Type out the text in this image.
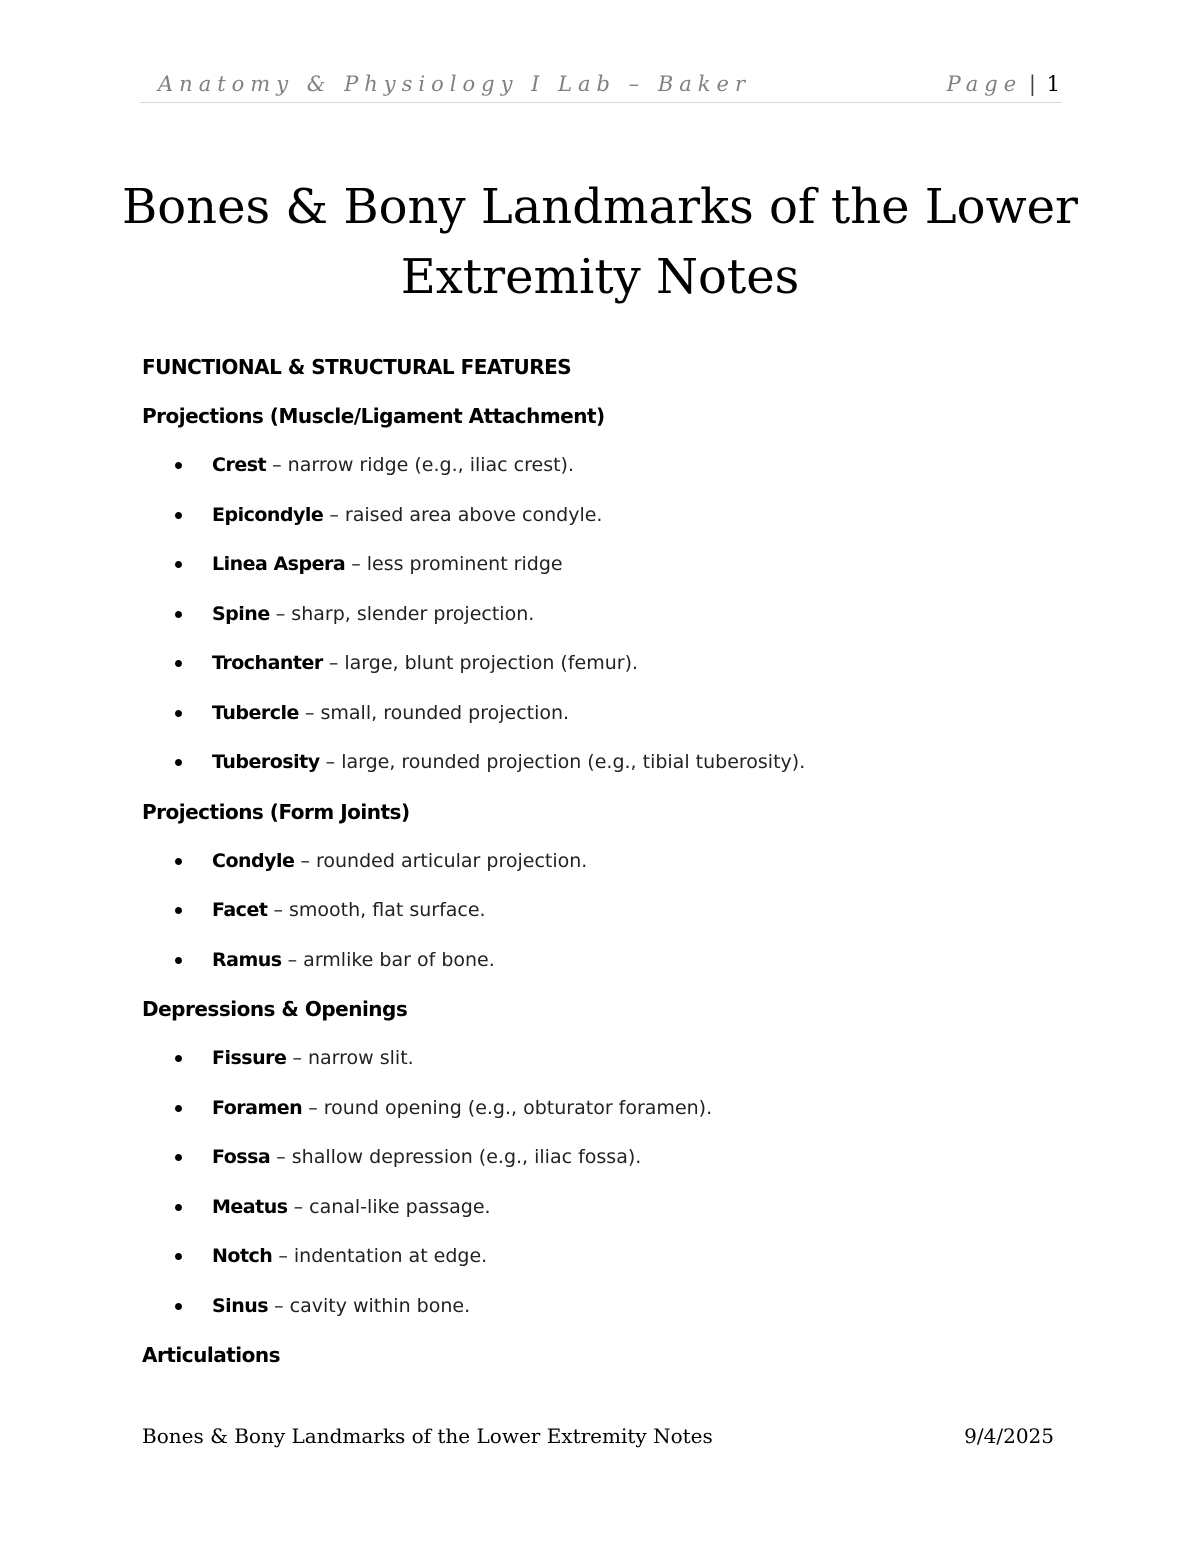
Anatomy & Physiology I Lab – Baker	Page | 1
Bones & Bony Landmarks of the Lower
Extremity Notes
FUNCTIONAL & STRUCTURAL FEATURES
Projections (Muscle/Ligament Attachment)
Crest – narrow ridge (e.g., iliac crest).
Epicondyle – raised area above condyle.
Linea Aspera – less prominent ridge
Spine – sharp, slender projection.
Trochanter – large, blunt projection (femur).
Tubercle – small, rounded projection.
Tuberosity – large, rounded projection (e.g., tibial tuberosity).
Projections (Form Joints)
Condyle – rounded articular projection.
Facet – smooth, flat surface.
Ramus – armlike bar of bone.
Depressions & Openings
Fissure – narrow slit.
Foramen – round opening (e.g., obturator foramen).
Fossa – shallow depression (e.g., iliac fossa).
Meatus – canal-like passage.
Notch – indentation at edge.
Sinus – cavity within bone.
Articulations
Bones & Bony Landmarks of the Lower Extremity Notes	9/4/2025
